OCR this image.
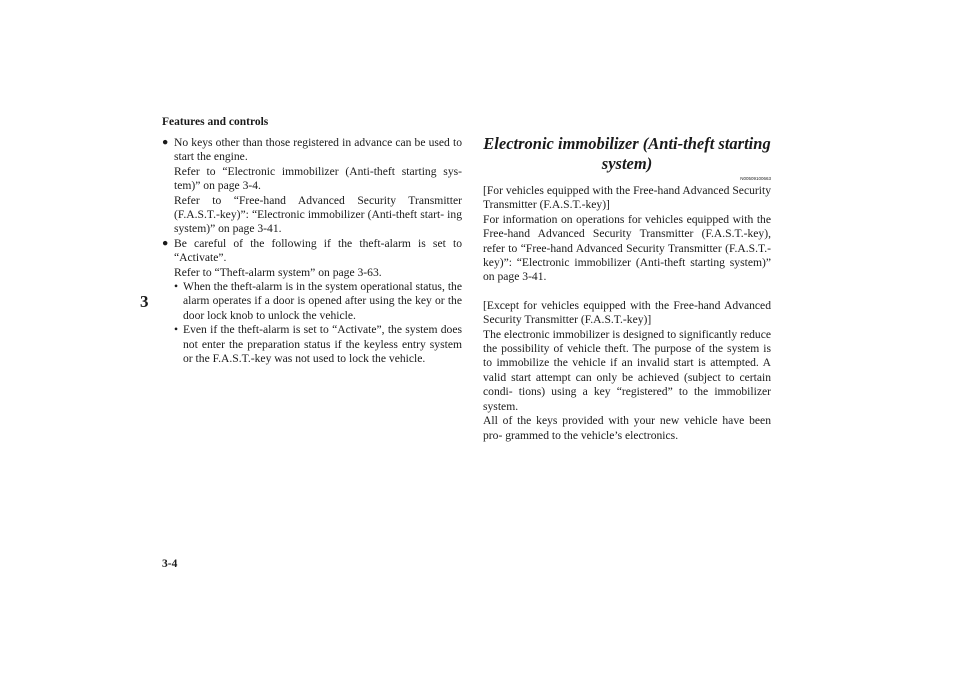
Features and controls
3
● No keys other than those registered in advance can be used to start the engine.
Refer to “Electronic immobilizer (Anti-theft starting sys- tem)” on page 3-4.
Refer to “Free-hand Advanced Security Transmitter (F.A.S.T.-key)”: “Electronic immobilizer (Anti-theft start- ing system)” on page 3-41.
● Be careful of the following if the theft-alarm is set to “Activate”.
Refer to “Theft-alarm system” on page 3-63.
• When the theft-alarm is in the system operational status, the alarm operates if a door is opened after using the key or the door lock knob to unlock the vehicle.
• Even if the theft-alarm is set to “Activate”, the system does not enter the preparation status if the keyless entry system or the F.A.S.T.-key was not used to lock the vehicle.
Electronic immobilizer (Anti-theft starting system)
N00509100663
[For vehicles equipped with the Free-hand Advanced Security Transmitter (F.A.S.T.-key)]
For information on operations for vehicles equipped with the Free-hand Advanced Security Transmitter (F.A.S.T.-key), refer to “Free-hand Advanced Security Transmitter (F.A.S.T.-key)”: “Electronic immobilizer (Anti-theft starting system)” on page 3-41.
[Except for vehicles equipped with the Free-hand Advanced Security Transmitter (F.A.S.T.-key)]
The electronic immobilizer is designed to significantly reduce the possibility of vehicle theft. The purpose of the system is to immobilize the vehicle if an invalid start is attempted. A valid start attempt can only be achieved (subject to certain condi- tions) using a key “registered” to the immobilizer system.
All of the keys provided with your new vehicle have been pro- grammed to the vehicle’s electronics.
3-4
